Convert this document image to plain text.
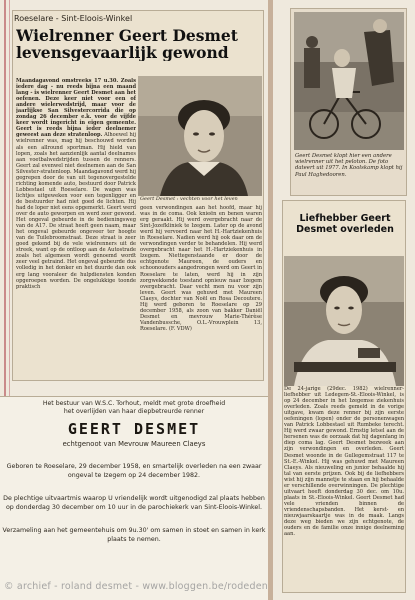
Roeselare - Sint-Eloois-Winkel
Wielrenner Geert Desmet levensgevaarlijk gewond
Maandagavond omstreeks 17 u.30. Zoals iedere dag - nu reeds bijna een maand lang - is wielrenner Geert Desmet aan het oefenen. Deze keer niet voor een of andere wielerwedstrijd, maar voor de jaarlijkse San Silvestercorrida die op zondag 26 december e.k. voor de vijfde keer wordt ingericht in eigen gemeente. Geert is reeds bijna ieder deelnemer geweest aan deze stratenloop. Alhoewel hij wielrenner was, mag hij beschouwd worden als een allround sportman. Hij hield van lopen, zoals het aanzienlijk aantal deelnames aan voetbalwedstrijden tussen de renners. Geert zal evenwel niet deelnemen aan de San Silvester-stratenloop. Maandagavond werd hij gegrepen door de van uit tegenovergestelde richting komende auto, bestuurd door Patrick Lobbestael uit Roeselare. De wagen was lichtjes uitgeweken voor een tegenligger en de bestuurder had niet goed de lichten. Hij had de loper niet eens opgemerkt. Geert werd over de auto geworpen en werd zeer gewond. Het ongeval gebeurde in de bedieningsweg van de A17. De straat heeft geen naam, maar het ongeval gebeurde ongeveer ter hoogte van de Tuilebroomstraat. Deze straat is zeer goed gekend bij de vele wielrenners uit de streek, want op de ontloop aan de Autostrade zoals het algemeen wordt genoemd wordt zeer veel getraind. Het ongeval gebeurde dus volledig in het donker en het duurde dan ook erg lang vooraleer de hulpdiensten konden opgeroepen worden. De ongelukkige toonde praktisch
Geert Desmet : vechten voor het leven
geen verwondingen aan het hoofd, maar hij was in de coma. Ook knieën en benen waren erg geraakt. Hij werd overgebracht naar de Sint-Jozefkliniek te Izegem. Later op de avond werd hij vervoerd naar het H.-Hartziekenhuis in Roeselare. Nadien werd hij ook daar om de verwondingen verder te behandelen. Hij werd overgebracht naar het H.-Hartziekenhuis in Izegem. Niettegenstaande er door de echtgenote Maureen, de ouders en schoonouders aangedrongen werd om Geert in Roeselare te laten, werd hij in zijn zorgwekkende toestand opnieuw naar Izegem overgebracht. Daar vecht men nu voor zijn leven. Geert was gehuwd met Maureen Claeys, dochter van Noël en Rosa Decoutere. Hij werd geboren te Roeselare op 29 december 1958, als zoon van bakker Daniël Desmet en mevrouw Marie-Thérèse Vandenbussche, O.L.-Vrouwplein 13, Roeselare. (F. VDW)
Geert Desmet klopt hier een andere wielrenner uit het peloton. De foto dateert uit 1977. In Koolskamp klopt hij Paul Haghedooren.
Liefhebber Geert Desmet overleden
De 24-jarige (29dec. 1982) wielrenner-liefhebber uit Ledegem-St.-Eloois-Winkel, is op 24 december in het Izegemse ziekenhuis overleden. Zoals reeds gemeld in de vorige uitgave, kwam deze renner bij zijn eerste oefeningen (lopen) onder de personenwagen van Patrick Lobbestael uit Rumbeke terecht. Hij werd zwaar gewond. Ernstig letsel aan de hersenen was de oorzaak dat hij dagenlang in diep coma lag. Geert Desmet bezweek aan zijn verwondingen en overleden. Geert Desmet woonde in de Gullegemstraat 117 te St.-E.-Winkel. Hij was gehuwd met Maureen Claeys. Als nieuweling en junior behaalde hij tal van eerste prijzen. Ook bij de liefhebbers wist hij zijn mannetje te staan en hij behaalde er verschillende overwinningen. De plechtige uitvaart heeft donderdag 30 dec. om 10u. plaats in St.-Eloois-Winkel. Geert Desmet had vele vrienden binnen de vriendenschapsbanden. Het kerst- en nieuwjaarskaartje was in de maak. Langs deze weg bieden we zijn echtgenote, de ouders en de familie onze innige deelneming aan.
Het bestuur van W.S.C. Torhout, meldt met grote droefheid
het overlijden van haar diepbetreurde renner
GEERT DESMET
echtgenoot van Mevrouw Maureen Claeys
Geboren te Roeselare, 29 december 1958, en smartelijk overleden na een zwaar ongeval te Izegem op 24 december 1982.
De plechtige uitvaartmis waarop U vriendelijk wordt uitgenodigd zal plaats hebben op donderdag 30 december om 10 uur in de parochiekerk van Sint-Eloois-Winkel.
Verzameling aan het gemeentehuis om 9u.30' om samen in stoet en samen in kerk plaats te nemen.
© archief - roland desmet - www.bloggen.be/rodeden
